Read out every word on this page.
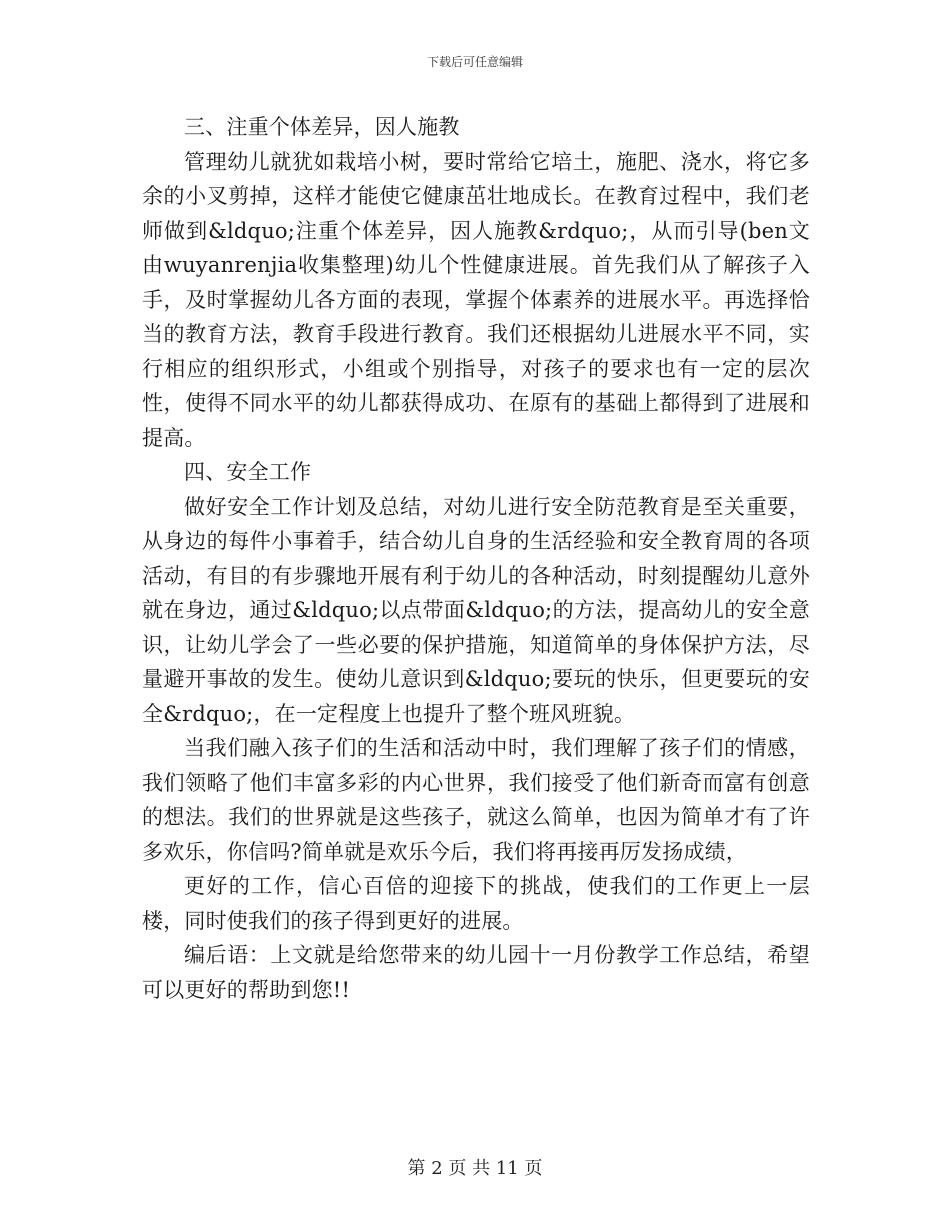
下载后可任意编辑

三、注重个体差异，因人施教

管理幼儿就犹如栽培小树，要时常给它培土，施肥、浇水，将它多余的小叉剪掉，这样才能使它健康茁壮地成长。在教育过程中，我们老师做到&ldquo;注重个体差异，因人施教&rdquo;，从而引导(ben文由wuyanrenjia收集整理)幼儿个性健康进展。首先我们从了解孩子入手，及时掌握幼儿各方面的表现，掌握个体素养的进展水平。再选择恰当的教育方法，教育手段进行教育。我们还根据幼儿进展水平不同，实行相应的组织形式，小组或个别指导，对孩子的要求也有一定的层次性，使得不同水平的幼儿都获得成功、在原有的基础上都得到了进展和提高。

四、安全工作

做好安全工作计划及总结，对幼儿进行安全防范教育是至关重要，从身边的每件小事着手，结合幼儿自身的生活经验和安全教育周的各项活动，有目的有步骤地开展有利于幼儿的各种活动，时刻提醒幼儿意外就在身边，通过&ldquo;以点带面&ldquo;的方法，提高幼儿的安全意识，让幼儿学会了一些必要的保护措施，知道简单的身体保护方法，尽量避开事故的发生。使幼儿意识到&ldquo;要玩的快乐，但更要玩的安全&rdquo;，在一定程度上也提升了整个班风班貌。

当我们融入孩子们的生活和活动中时，我们理解了孩子们的情感，我们领略了他们丰富多彩的内心世界，我们接受了他们新奇而富有创意的想法。我们的世界就是这些孩子，就这么简单，也因为简单才有了许多欢乐，你信吗?简单就是欢乐今后，我们将再接再厉发扬成绩，

更好的工作，信心百倍的迎接下的挑战，使我们的工作更上一层楼，同时使我们的孩子得到更好的进展。

编后语：上文就是给您带来的幼儿园十一月份教学工作总结，希望可以更好的帮助到您!!

第 2 页 共 11 页
